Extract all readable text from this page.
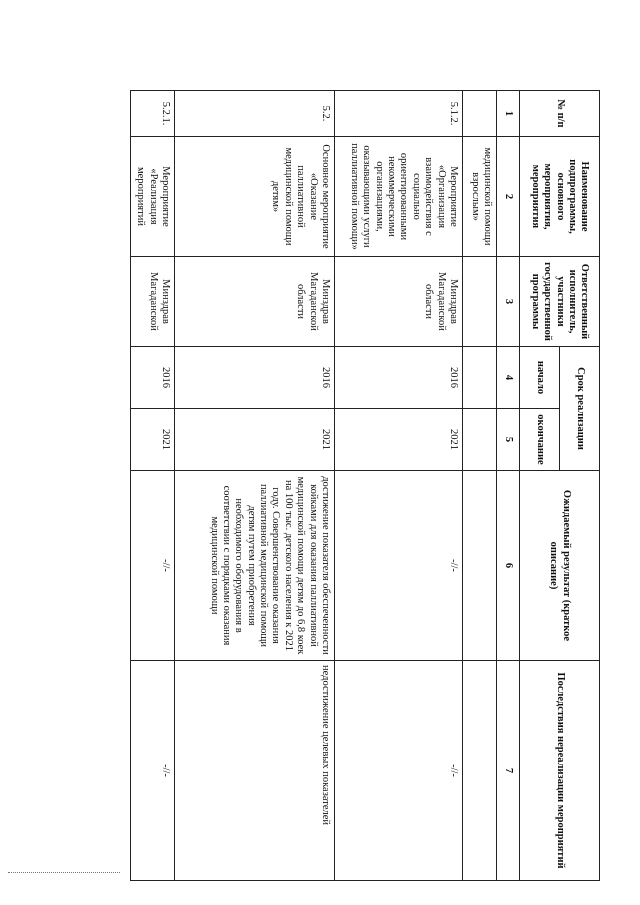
№ п/п	Наименование подпрограммы, основного мероприятия, мероприятия	Ответственный исполнитель, участники государственной программы	Срок реализации		Ожидаемый результат (краткое описание)	Последствия нереализации мероприятий
			начало	окончание		
1	2	3	4	5	6	7
	медицинской помощи взрослым»					
5.1.2.	Мероприятие «Организация взаимодействия с социально ориентированными некоммерческими организациями, оказывающими услуги паллиативной помощи»	Минздрав Магаданской области	2016	2021	-//-	-//-
5.2.	Основное мероприятие «Оказание паллиативной медицинской помощи детям»	Минздрав Магаданской области	2016	2021	достижение показателя обеспеченности койками для оказания паллиативной медицинской помощи детям до 6,8 коек на 100 тыс. детского населения к 2021 году. Совершенствование оказания паллиативной медицинской помощи детям путем приобретения необходимого оборудования в соответствии с порядками оказания медицинской помощи	недостижение целевых показателей
5.2.1.	Мероприятие «Реализация мероприятий	Минздрав Магаданской	2016	2021	-//-	-//-
